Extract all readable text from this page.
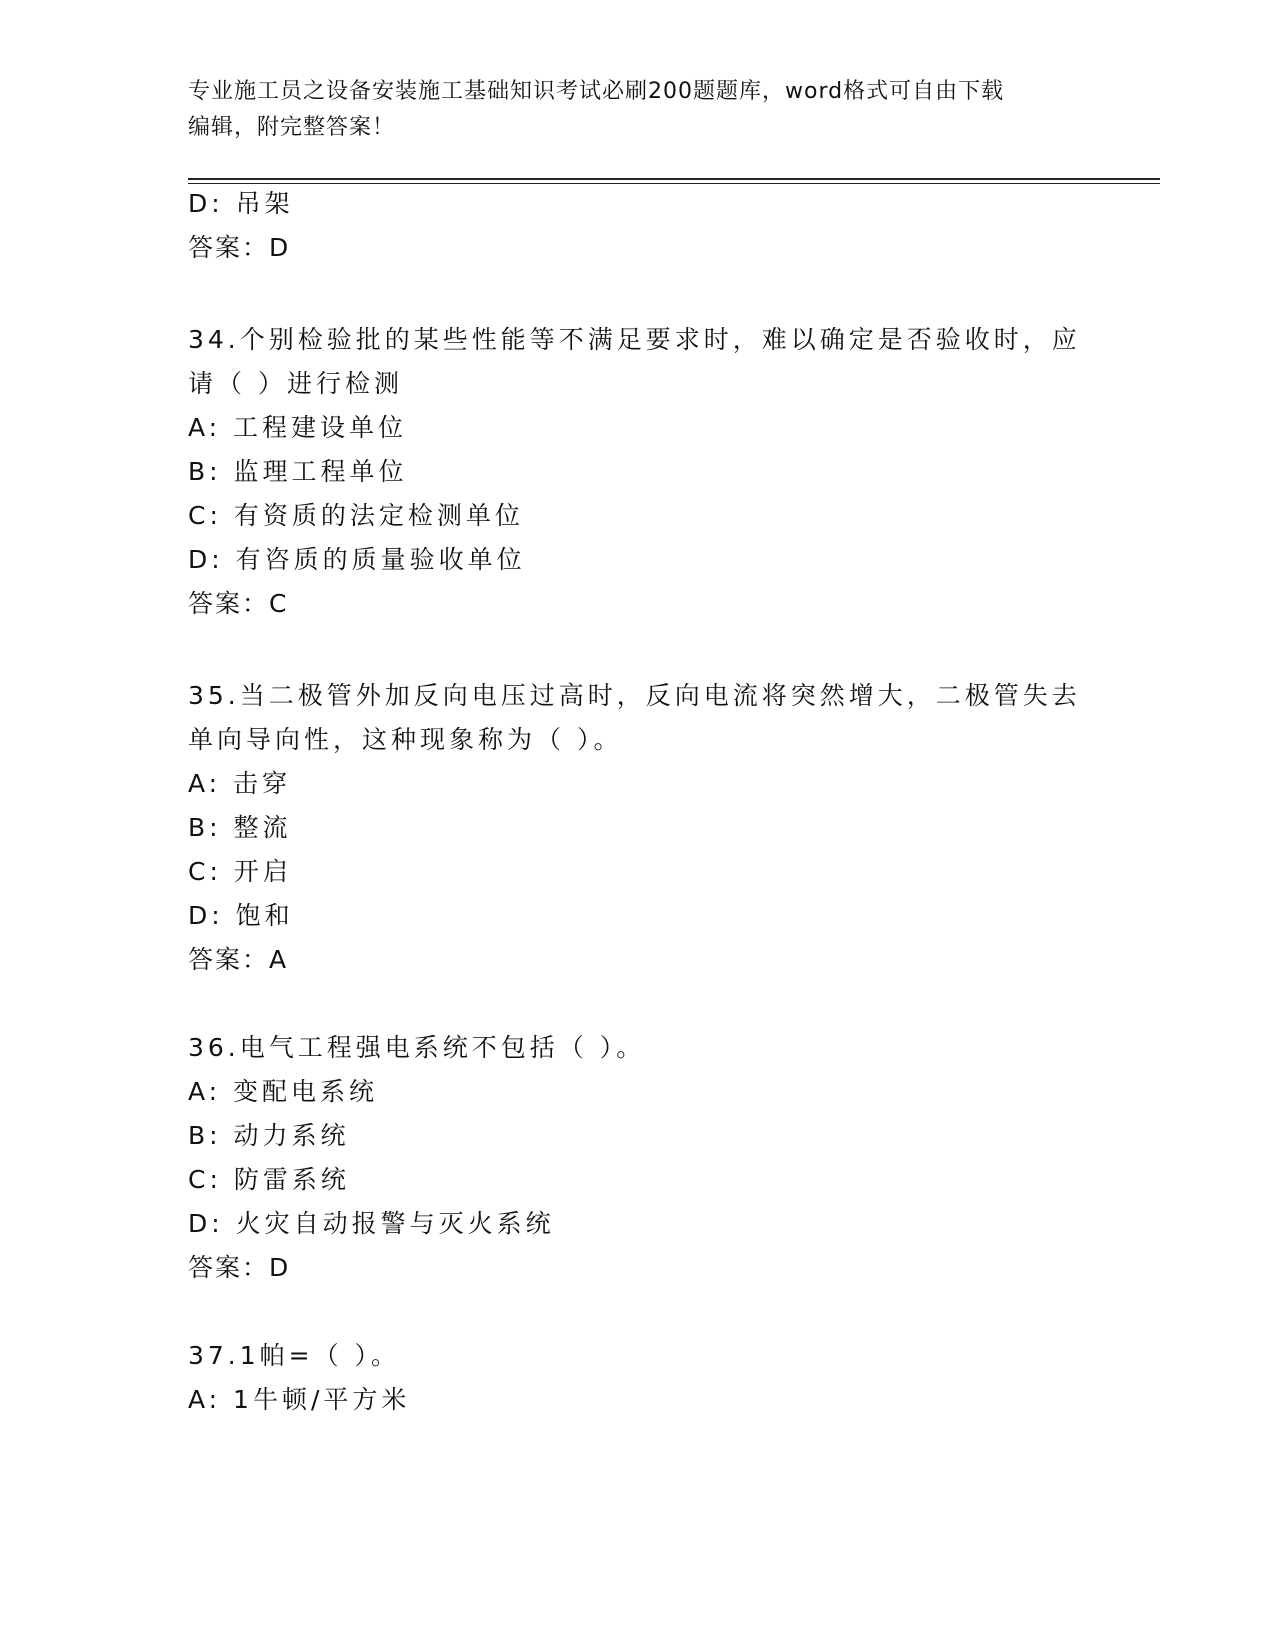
专业施工员之设备安装施工基础知识考试必刷200题题库，word格式可自由下载
编辑，附完整答案！
D: 吊架
答案：D
34.个别检验批的某些性能等不满足要求时，难以确定是否验收时，应
请（ ）进行检测
A: 工程建设单位
B: 监理工程单位
C: 有资质的法定检测单位
D: 有咨质的质量验收单位
答案：C
35.当二极管外加反向电压过高时，反向电流将突然增大，二极管失去
单向导向性，这种现象称为（ ）。
A: 击穿
B: 整流
C: 开启
D: 饱和
答案：A
36.电气工程强电系统不包括（ ）。
A: 变配电系统
B: 动力系统
C: 防雷系统
D: 火灾自动报警与灭火系统
答案：D
37.1帕=（ ）。
A: 1牛顿/平方米
